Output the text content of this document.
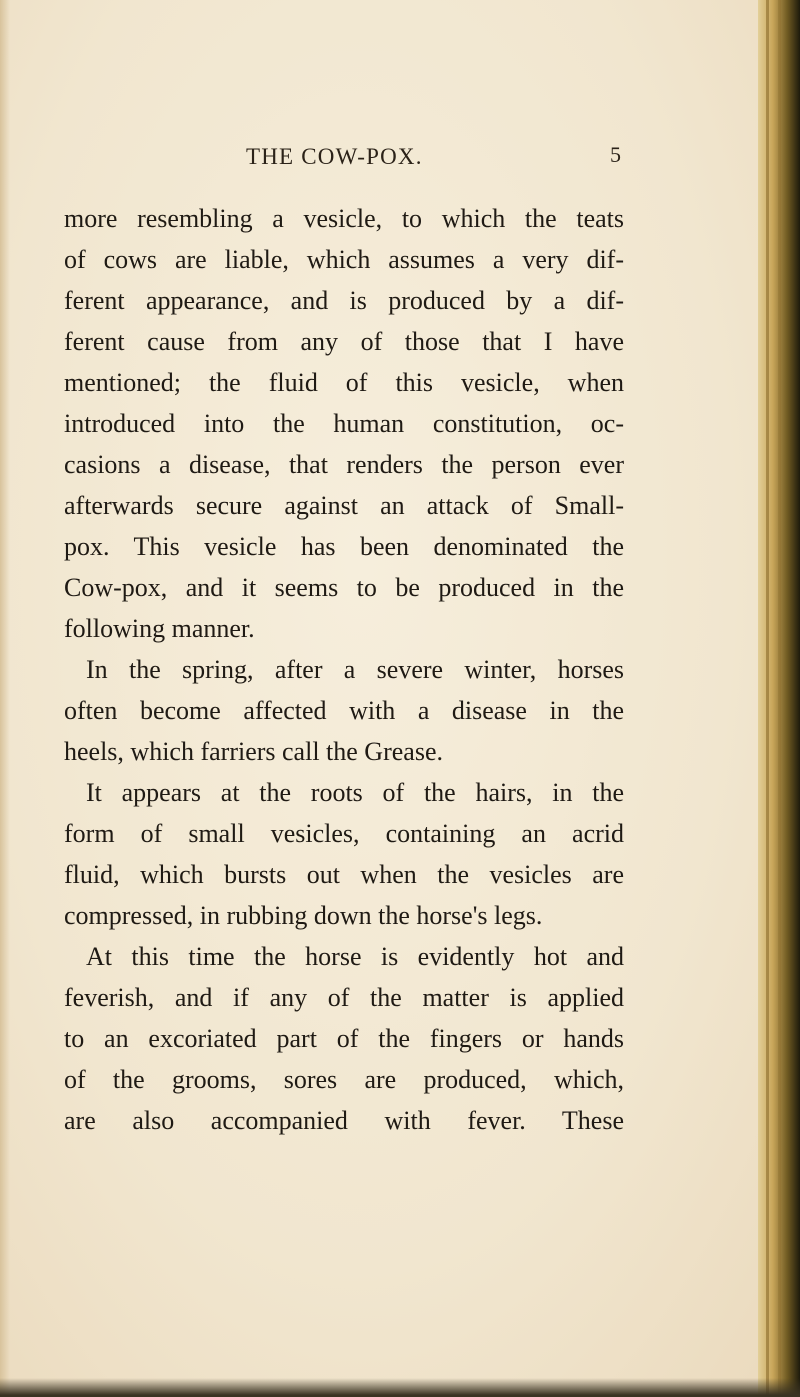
THE COW-POX.	5
more resembling a vesicle, to which the teats
of cows are liable, which assumes a very dif-
ferent appearance, and is produced by a dif-
ferent cause from any of those that I have
mentioned; the fluid of this vesicle, when
introduced into the human constitution, oc-
casions a disease, that renders the person ever
afterwards secure against an attack of Small-
pox. This vesicle has been denominated the
Cow-pox, and it seems to be produced in the
following manner.
In the spring, after a severe winter, horses
often become affected with a disease in the
heels, which farriers call the Grease.
It appears at the roots of the hairs, in the
form of small vesicles, containing an acrid
fluid, which bursts out when the vesicles are
compressed, in rubbing down the horse's legs.
At this time the horse is evidently hot and
feverish, and if any of the matter is applied
to an excoriated part of the fingers or hands
of the grooms, sores are produced, which,
are also accompanied with fever. These
